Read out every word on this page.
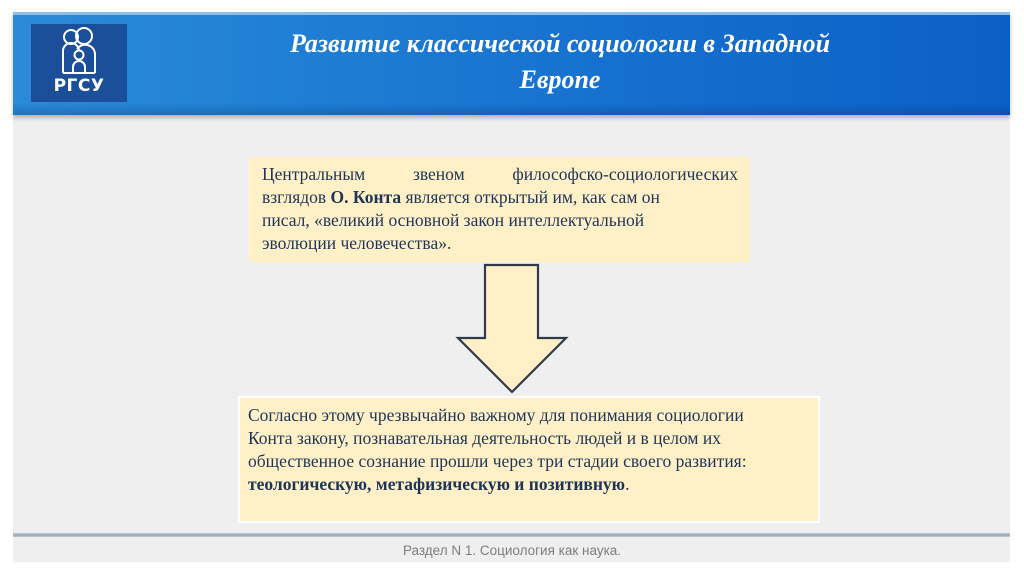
РГСУ
Развитие классической социологии в Западной
Европе

Центральным звеном философско-социологических
взглядов О. Конта является открытый им, как сам он
писал, «великий основной закон интеллектуальной
эволюции человечества».

Согласно этому чрезвычайно важному для понимания социологии
Конта закону, познавательная деятельность людей и в целом их
общественное сознание прошли через три стадии своего развития:
теологическую, метафизическую и позитивную.

Раздел N 1. Социология как наука.
